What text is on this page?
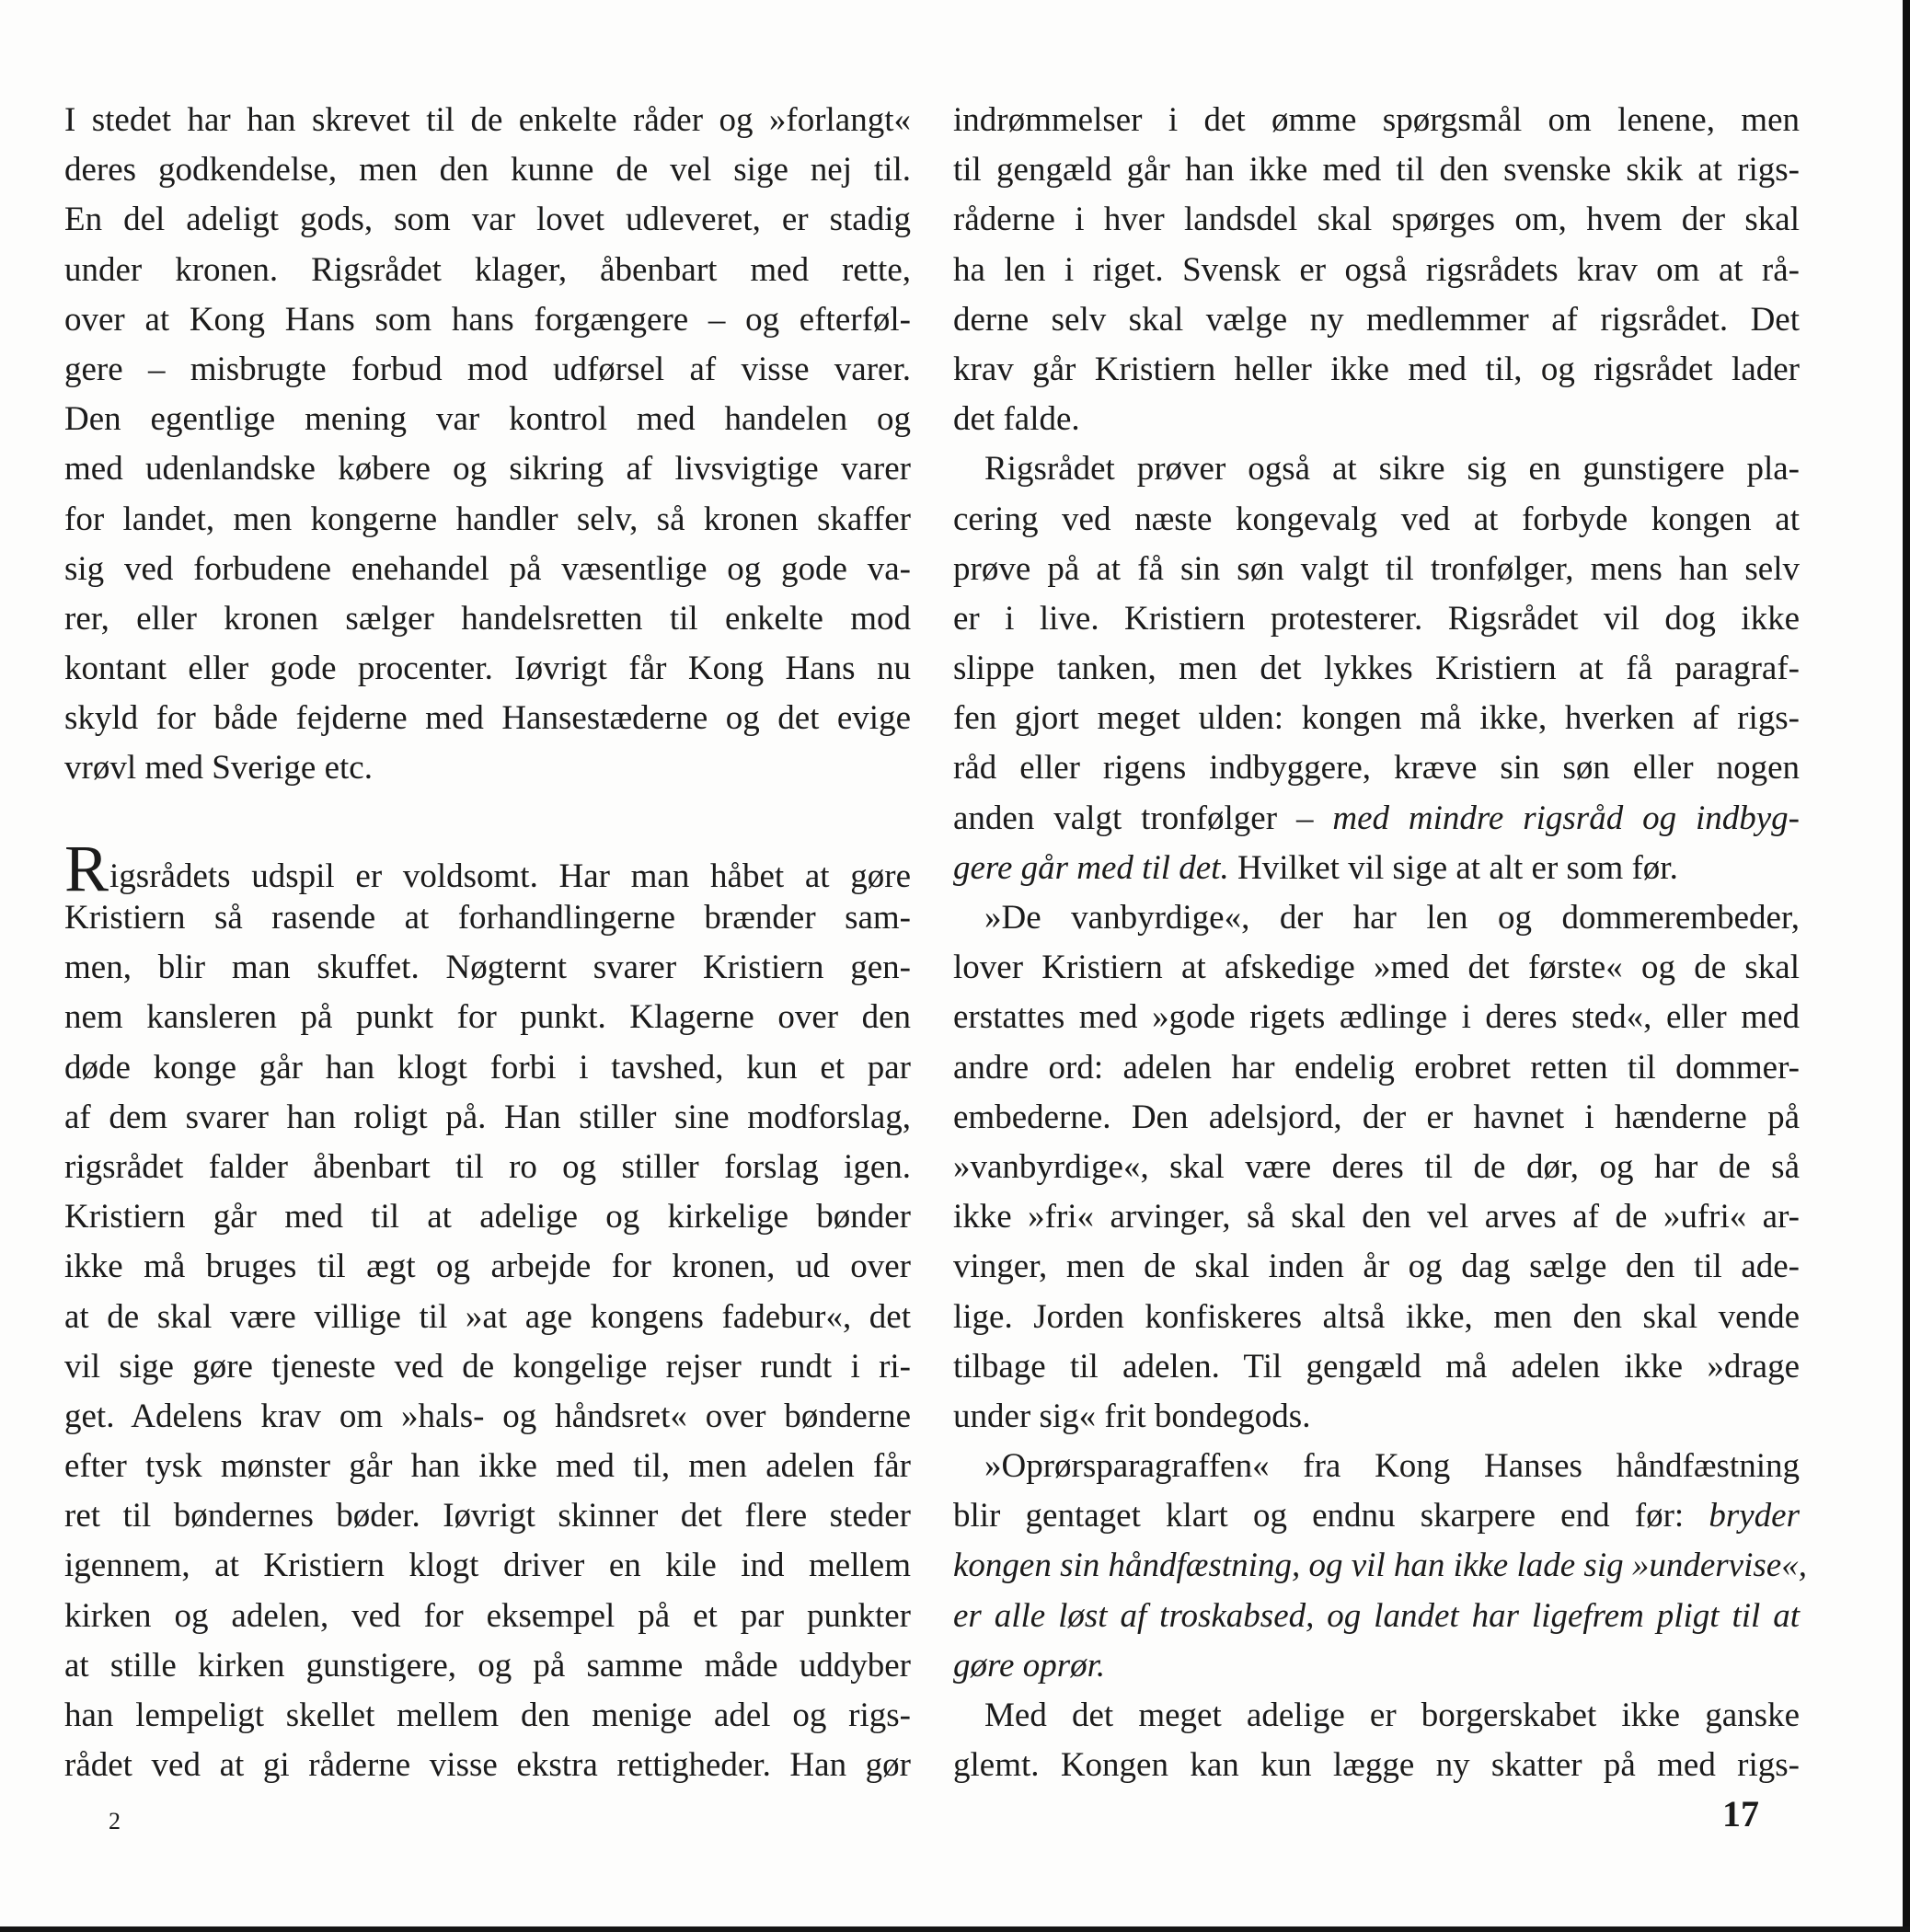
I stedet har han skrevet til de enkelte råder og »forlangt«
deres godkendelse, men den kunne de vel sige nej til.
En del adeligt gods, som var lovet udleveret, er stadig
under kronen. Rigsrådet klager, åbenbart med rette,
over at Kong Hans som hans forgængere – og efterføl-
gere – misbrugte forbud mod udførsel af visse varer.
Den egentlige mening var kontrol med handelen og
med udenlandske købere og sikring af livsvigtige varer
for landet, men kongerne handler selv, så kronen skaffer
sig ved forbudene enehandel på væsentlige og gode va-
rer, eller kronen sælger handelsretten til enkelte mod
kontant eller gode procenter. Iøvrigt får Kong Hans nu
skyld for både fejderne med Hansestæderne og det evige
vrøvl med Sverige etc.
Rigsrådets udspil er voldsomt. Har man håbet at gøre
Kristiern så rasende at forhandlingerne brænder sam-
men, blir man skuffet. Nøgternt svarer Kristiern gen-
nem kansleren på punkt for punkt. Klagerne over den
døde konge går han klogt forbi i tavshed, kun et par
af dem svarer han roligt på. Han stiller sine modforslag,
rigsrådet falder åbenbart til ro og stiller forslag igen.
Kristiern går med til at adelige og kirkelige bønder
ikke må bruges til ægt og arbejde for kronen, ud over
at de skal være villige til »at age kongens fadebur«, det
vil sige gøre tjeneste ved de kongelige rejser rundt i ri-
get. Adelens krav om »hals- og håndsret« over bønderne
efter tysk mønster går han ikke med til, men adelen får
ret til bøndernes bøder. Iøvrigt skinner det flere steder
igennem, at Kristiern klogt driver en kile ind mellem
kirken og adelen, ved for eksempel på et par punkter
at stille kirken gunstigere, og på samme måde uddyber
han lempeligt skellet mellem den menige adel og rigs-
rådet ved at gi råderne visse ekstra rettigheder. Han gør
indrømmelser i det ømme spørgsmål om lenene, men
til gengæld går han ikke med til den svenske skik at rigs-
råderne i hver landsdel skal spørges om, hvem der skal
ha len i riget. Svensk er også rigsrådets krav om at rå-
derne selv skal vælge ny medlemmer af rigsrådet. Det
krav går Kristiern heller ikke med til, og rigsrådet lader
det falde.
Rigsrådet prøver også at sikre sig en gunstigere pla-
cering ved næste kongevalg ved at forbyde kongen at
prøve på at få sin søn valgt til tronfølger, mens han selv
er i live. Kristiern protesterer. Rigsrådet vil dog ikke
slippe tanken, men det lykkes Kristiern at få paragraf-
fen gjort meget ulden: kongen må ikke, hverken af rigs-
råd eller rigens indbyggere, kræve sin søn eller nogen
anden valgt tronfølger – med mindre rigsråd og indbyg-
gere går med til det. Hvilket vil sige at alt er som før.
»De vanbyrdige«, der har len og dommerembeder,
lover Kristiern at afskedige »med det første« og de skal
erstattes med »gode rigets ædlinge i deres sted«, eller med
andre ord: adelen har endelig erobret retten til dommer-
embederne. Den adelsjord, der er havnet i hænderne på
»vanbyrdige«, skal være deres til de dør, og har de så
ikke »fri« arvinger, så skal den vel arves af de »ufri« ar-
vinger, men de skal inden år og dag sælge den til ade-
lige. Jorden konfiskeres altså ikke, men den skal vende
tilbage til adelen. Til gengæld må adelen ikke »drage
under sig« frit bondegods.
»Oprørsparagraffen« fra Kong Hanses håndfæstning
blir gentaget klart og endnu skarpere end før: bryder
kongen sin håndfæstning, og vil han ikke lade sig »undervise«,
er alle løst af troskabsed, og landet har ligefrem pligt til at
gøre oprør.
Med det meget adelige er borgerskabet ikke ganske
glemt. Kongen kan kun lægge ny skatter på med rigs-
2	17
